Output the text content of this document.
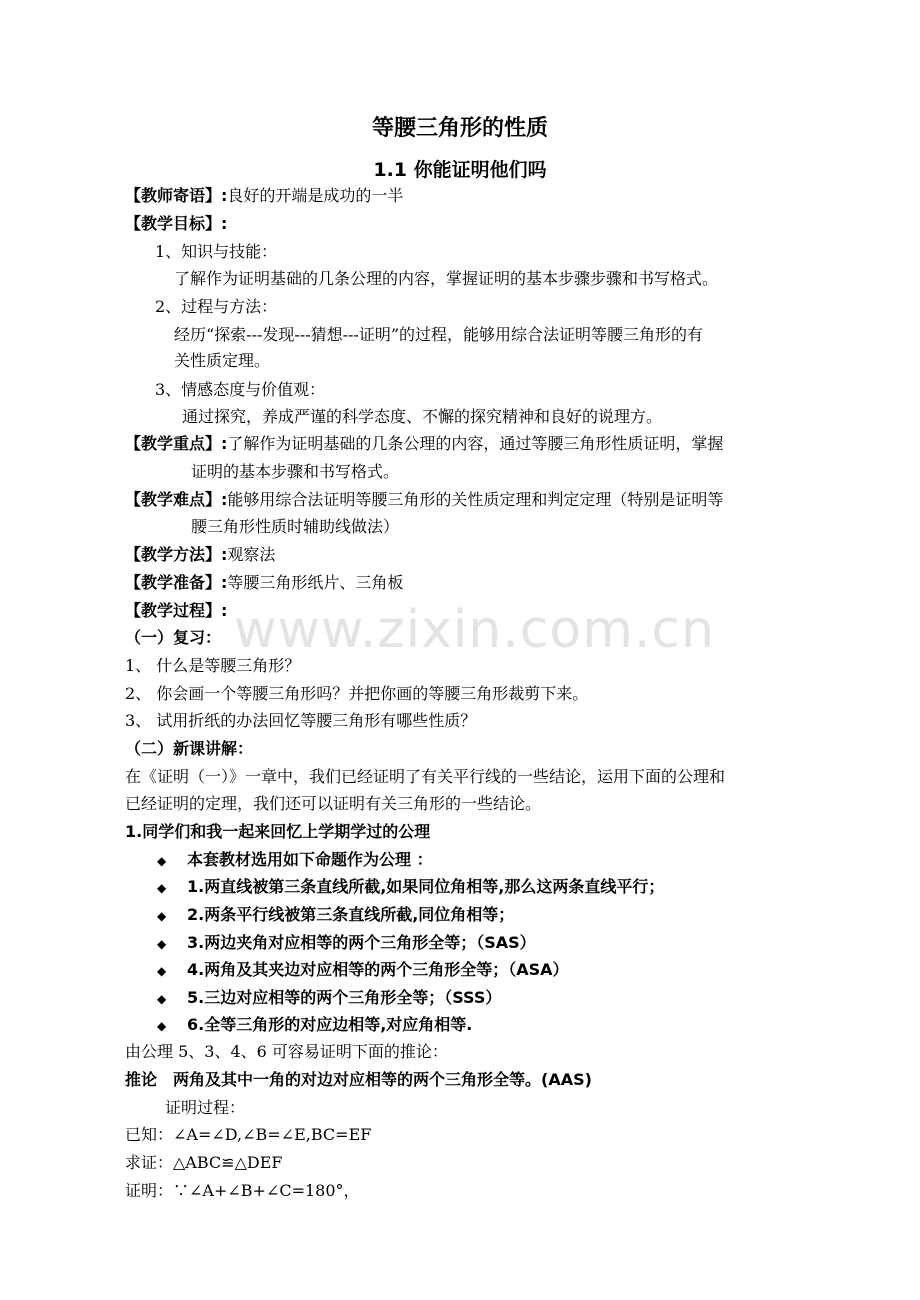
www.zixin.com.cn
等腰三角形的性质
1.1 你能证明他们吗
【教师寄语】:良好的开端是成功的一半
【教学目标】:
1、知识与技能：
了解作为证明基础的几条公理的内容，掌握证明的基本步骤步骤和书写格式。
2、过程与方法：
经历“探索---发现---猜想---证明”的过程，能够用综合法证明等腰三角形的有
关性质定理。
3、情感态度与价值观：
通过探究，养成严谨的科学态度、不懈的探究精神和良好的说理方。
【教学重点】:了解作为证明基础的几条公理的内容，通过等腰三角形性质证明，掌握
证明的基本步骤和书写格式。
【教学难点】:能够用综合法证明等腰三角形的关性质定理和判定定理（特别是证明等
腰三角形性质时辅助线做法）
【教学方法】:观察法
【教学准备】:等腰三角形纸片、三角板
【教学过程】:
（一）复习：
1、 什么是等腰三角形？
2、 你会画一个等腰三角形吗？并把你画的等腰三角形裁剪下来。
3、 试用折纸的办法回忆等腰三角形有哪些性质？
（二）新课讲解：
在《证明（一）》一章中，我们已经证明了有关平行线的一些结论，运用下面的公理和
已经证明的定理，我们还可以证明有关三角形的一些结论。
1.同学们和我一起来回忆上学期学过的公理
◆ 本套教材选用如下命题作为公理 ：
◆ 1.两直线被第三条直线所截,如果同位角相等,那么这两条直线平行；
◆ 2.两条平行线被第三条直线所截,同位角相等；
◆ 3.两边夹角对应相等的两个三角形全等；（SAS）
◆ 4.两角及其夹边对应相等的两个三角形全等；（ASA）
◆ 5.三边对应相等的两个三角形全等；（SSS）
◆ 6.全等三角形的对应边相等,对应角相等.
由公理 5、3、4、6 可容易证明下面的推论：
推论　两角及其中一角的对边对应相等的两个三角形全等。(AAS)
证明过程：
已知：∠A=∠D,∠B=∠E,BC=EF
求证：△ABC≌△DEF
证明：∵∠A+∠B+∠C=180°，
